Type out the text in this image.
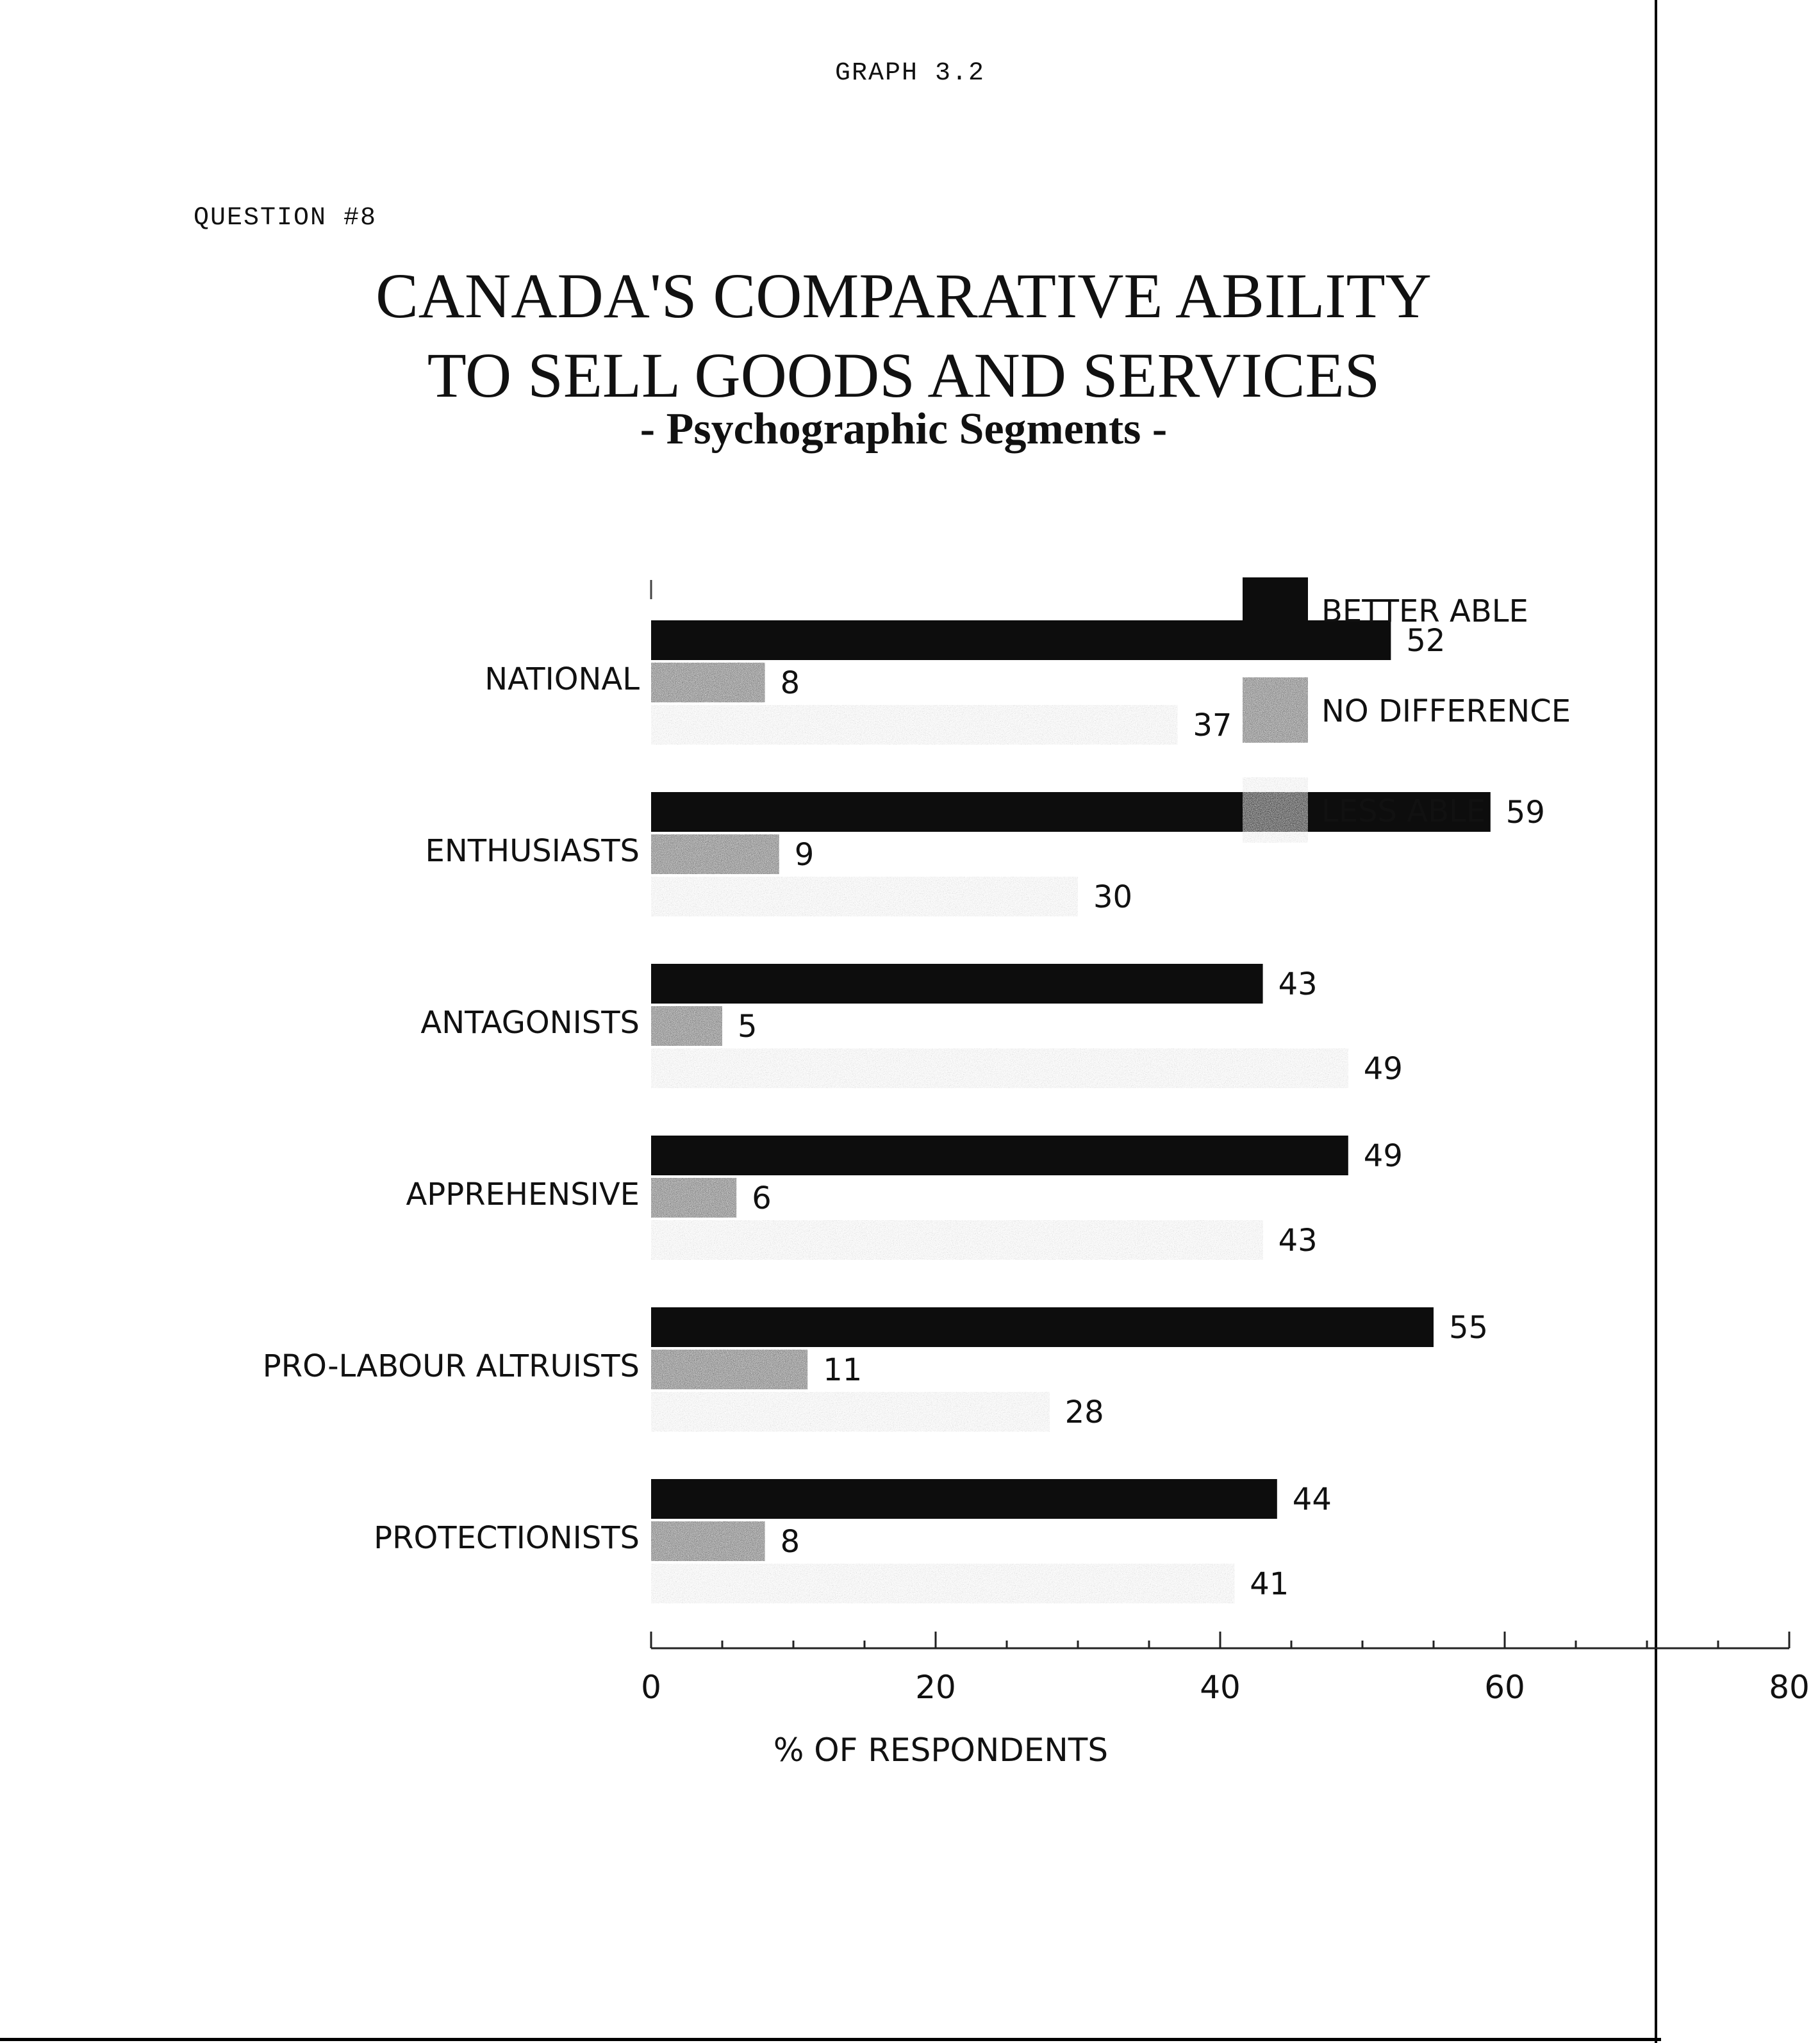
GRAPH 3.2
QUESTION #8
CANADA'S COMPARATIVE ABILITY
TO SELL GOODS AND SERVICES
- Psychographic Segments -
NATIONAL
52
8
37
ENTHUSIASTS
59
9
30
ANTAGONISTS
43
5
49
APPREHENSIVE
49
6
43
PRO-LABOUR ALTRUISTS
55
11
28
PROTECTIONISTS
44
8
41
0	20	40	60	80
% OF RESPONDENTS
BETTER ABLE
NO DIFFERENCE
LESS ABLE
